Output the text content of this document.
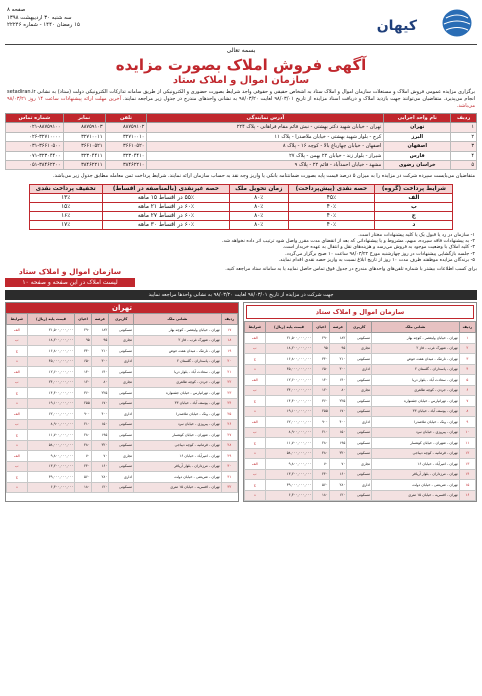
کیهان
صفحه ۸
سه شنبه ۳۰ اردیبهشت ۱۳۹۸
۱۵ رمضان ۱۴۴۰ - شماره ۲۲۲۴۶
بسمه تعالی
آگهی فروش املاک بصورت مزایده
سازمان اموال و املاک ستاد
برگزاری مزایده عمومی فروش املاک و مستغلات سازمان اموال و املاک ستاد به اشخاص حقیقی و حقوقی واجد شرایط بصورت حضوری و الکترونیکی از طریق سامانه تدارکات الکترونیکی دولت (ستاد) به نشانی setadiran.ir انجام می‌پذیرد. متقاضیان می‌توانند جهت بازدید املاک و دریافت اسناد مزایده از تاریخ ۹۸/۰۳/۰۱ لغایت ۹۸/۰۳/۲۰ به نشانی واحدهای مندرج در جدول زیر مراجعه نمایند. آخرین مهلت ارائه پیشنهادات ساعت ۱۴ روز ۹۸/۰۳/۲۱ می‌باشد.
ردیف	نام واحد اجرایی	آدرس نمایندگی	تلفن	نمابر	شماره تماس
۱	تهران	تهران - خیابان شهید دکتر بهشتی - نبش قائم مقام فراهانی - پلاک ۲۲۴	۸۸۷۵۹۱۰۲	۸۸۷۵۹۱۰۳	۰۲۱-۸۸۷۵۹۱۰۰
۲	البرز	کرج - بلوار شهید بهشتی - خیابان ملاصدرا - پلاک ۱۱	۳۲۷۱۰۰۱۰	۳۲۷۱۰۰۱۱	۰۲۶-۳۲۷۱۰۰۰۰
۳	اصفهان	اصفهان - خیابان چهارباغ بالا - کوچه ۱۶ - پلاک ۸	۳۶۶۱۰۵۲۰	۳۶۶۱۰۵۲۱	۰۳۱-۳۶۶۱۰۵۰۰
۴	فارس	شیراز - بلوار زند - خیابان ۲۲ بهمن - پلاک ۲۷	۳۲۳۰۴۴۱۰	۳۲۳۰۴۴۱۱	۰۷۱-۳۲۳۰۴۴۰۰
۵	خراسان رضوی	مشهد - خیابان احمدآباد - قائم ۲۲ - پلاک ۹	۳۸۴۶۲۲۱۰	۳۸۴۶۲۲۱۱	۰۵۱-۳۸۴۶۲۲۰۰
متقاضیان می‌بایست سپرده شرکت در مزایده را به میزان ۵ درصد قیمت پایه بصورت ضمانتنامه بانکی یا واریز وجه نقد به حساب سازمان ارائه نمایند. شرایط پرداخت ثمن معامله مطابق جدول زیر می‌باشد.
شرایط پرداخت (گروه)	حصه نقدی (پیش‌پرداخت)	زمان تحویل ملک	حصه غیرنقدی (بالمناصفه در اقساط)	تخفیف پرداخت نقدی
الف	۴۵٪	۸۰٪	۵۵٪ در اقساط ۱۵ ماهه	۱۳٪
ب	۴۰٪	۸۰٪	۶۰٪ در اقساط ۲۱ ماهه	۱۵٪
ج	۴۰٪	۸۰٪	۶۰٪ در اقساط ۲۷ ماهه	۱۶٪
د	۴۰٪	۸۰٪	۶۰٪ در اقساط ۳۰ ماهه	۱۷٪

۱- سازمان در رد یا قبول یک یا کلیه پیشنهادات مختار است.

۲- به پیشنهادات فاقد سپرده، مبهم، مشروط و یا پیشنهاداتی که بعد از انقضای مدت مقرر واصل شود ترتیب اثر داده نخواهد شد.

۳- کلیه املاک با وضعیت موجود به فروش می‌رسد و هزینه‌های نقل و انتقال به عهده خریدار است.

۴- جلسه بازگشایی پیشنهادات در روز چهارشنبه مورخ ۹۸/۰۳/۲۲ ساعت ۱۰ صبح برگزار می‌گردد.

۵- برندگان مزایده موظفند ظرف مدت ۱۰ روز از تاریخ ابلاغ نسبت به واریز حصه نقدی اقدام نمایند.

برای کسب اطلاعات بیشتر با شماره تلفن‌های واحدهای مندرج در جدول فوق تماس حاصل نمایید یا به سامانه ستاد مراجعه کنید.
سازمان اموال و املاک ستاد
لیست املاک در این صفحه و صفحه ۱۰
جهت شرکت در مزایده از تاریخ ۹۸/۰۳/۰۱ لغایت ۹۸/۰۳/۲۰ به نشانی واحدها مراجعه نمایید
سازمان اموال و املاک ستاد
ردیف	نشانی ملک	کاربری	عرصه	اعیان	قیمت پایه (ریال)	شرایط
۱	تهران - خیابان ولیعصر - کوچه بهار	مسکونی	۱۸۲	۲۹۰	۲۱,۵۰۰,۰۰۰,۰۰۰	الف
۲	تهران - شهرک غرب - فاز ۲	تجاری	۹۵	۹۵	۱۸,۲۰۰,۰۰۰,۰۰۰	ب
۳	تهران - نارمک - میدان هفت حوض	مسکونی	۲۱۰	۳۴۰	۱۶,۸۰۰,۰۰۰,۰۰۰	ج
۴	تهران - پاسداران - گلستان ۲	اداری	۳۰۰	۶۵۰	۴۵,۰۰۰,۰۰۰,۰۰۰	د
۵	تهران - سعادت آباد - بلوار دریا	مسکونی	۱۴۰	۱۴۰	۱۲,۶۰۰,۰۰۰,۰۰۰	الف
۶	تهران - جردن - کوچه طاهری	تجاری	۸۰	۱۲۰	۲۴,۰۰۰,۰۰۰,۰۰۰	ب
۷	تهران - تهرانپارس - خیابان جشنواره	مسکونی	۲۲۵	۳۶۰	۱۴,۴۰۰,۰۰۰,۰۰۰	ج
۸	تهران - یوسف آباد - خیابان ۳۳	مسکونی	۱۷۰	۲۵۵	۱۹,۱۰۰,۰۰۰,۰۰۰	د
۹	تهران - ونک - خیابان ملاصدرا	اداری	۴۰۰	۹۰۰	۶۲,۰۰۰,۰۰۰,۰۰۰	الف
۱۰	تهران - پیروزی - خیابان نبرد	مسکونی	۱۵۰	۲۱۰	۸,۹۰۰,۰۰۰,۰۰۰	ب
۱۱	تهران - شهران - خیابان کوهسار	مسکونی	۱۹۵	۲۸۰	۱۱,۷۰۰,۰۰۰,۰۰۰	ج
۱۲	تهران - فرمانیه - کوچه دیباجی	مسکونی	۳۲۰	۴۸۰	۵۸,۰۰۰,۰۰۰,۰۰۰	د
۱۳	تهران - امیرآباد - خیابان ۱۶	تجاری	۷۰	۷۰	۹,۸۰۰,۰۰۰,۰۰۰	الف
۱۴	تهران - مرزداران - بلوار آریافر	مسکونی	۱۶۰	۲۴۰	۱۳,۲۰۰,۰۰۰,۰۰۰	ب
۱۵	تهران - شریعتی - خیابان دولت	اداری	۲۸۰	۵۶۰	۳۹,۰۰۰,۰۰۰,۰۰۰	ج
۱۶	تهران - افسریه - خیابان ۱۵ متری	مسکونی	۱۲۰	۱۸۰	۶,۳۰۰,۰۰۰,۰۰۰	د
تهران
ردیف	نشانی ملک	کاربری	عرصه	اعیان	قیمت پایه (ریال)	شرایط
۱۷	تهران - خیابان ولیعصر - کوچه بهار	مسکونی	۱۸۲	۲۹۰	۲۱,۵۰۰,۰۰۰,۰۰۰	الف
۱۸	تهران - شهرک غرب - فاز ۲	تجاری	۹۵	۹۵	۱۸,۲۰۰,۰۰۰,۰۰۰	ب
۱۹	تهران - نارمک - میدان هفت حوض	مسکونی	۲۱۰	۳۴۰	۱۶,۸۰۰,۰۰۰,۰۰۰	ج
۲۰	تهران - پاسداران - گلستان ۲	اداری	۳۰۰	۶۵۰	۴۵,۰۰۰,۰۰۰,۰۰۰	د
۲۱	تهران - سعادت آباد - بلوار دریا	مسکونی	۱۴۰	۱۴۰	۱۲,۶۰۰,۰۰۰,۰۰۰	الف
۲۲	تهران - جردن - کوچه طاهری	تجاری	۸۰	۱۲۰	۲۴,۰۰۰,۰۰۰,۰۰۰	ب
۲۳	تهران - تهرانپارس - خیابان جشنواره	مسکونی	۲۲۵	۳۶۰	۱۴,۴۰۰,۰۰۰,۰۰۰	ج
۲۴	تهران - یوسف آباد - خیابان ۳۳	مسکونی	۱۷۰	۲۵۵	۱۹,۱۰۰,۰۰۰,۰۰۰	د
۲۵	تهران - ونک - خیابان ملاصدرا	اداری	۴۰۰	۹۰۰	۶۲,۰۰۰,۰۰۰,۰۰۰	الف
۲۶	تهران - پیروزی - خیابان نبرد	مسکونی	۱۵۰	۲۱۰	۸,۹۰۰,۰۰۰,۰۰۰	ب
۲۷	تهران - شهران - خیابان کوهسار	مسکونی	۱۹۵	۲۸۰	۱۱,۷۰۰,۰۰۰,۰۰۰	ج
۲۸	تهران - فرمانیه - کوچه دیباجی	مسکونی	۳۲۰	۴۸۰	۵۸,۰۰۰,۰۰۰,۰۰۰	د
۲۹	تهران - امیرآباد - خیابان ۱۶	تجاری	۷۰	۷۰	۹,۸۰۰,۰۰۰,۰۰۰	الف
۳۰	تهران - مرزداران - بلوار آریافر	مسکونی	۱۶۰	۲۴۰	۱۳,۲۰۰,۰۰۰,۰۰۰	ب
۳۱	تهران - شریعتی - خیابان دولت	اداری	۲۸۰	۵۶۰	۳۹,۰۰۰,۰۰۰,۰۰۰	ج
۳۲	تهران - افسریه - خیابان ۱۵ متری	مسکونی	۱۲۰	۱۸۰	۶,۳۰۰,۰۰۰,۰۰۰	د
